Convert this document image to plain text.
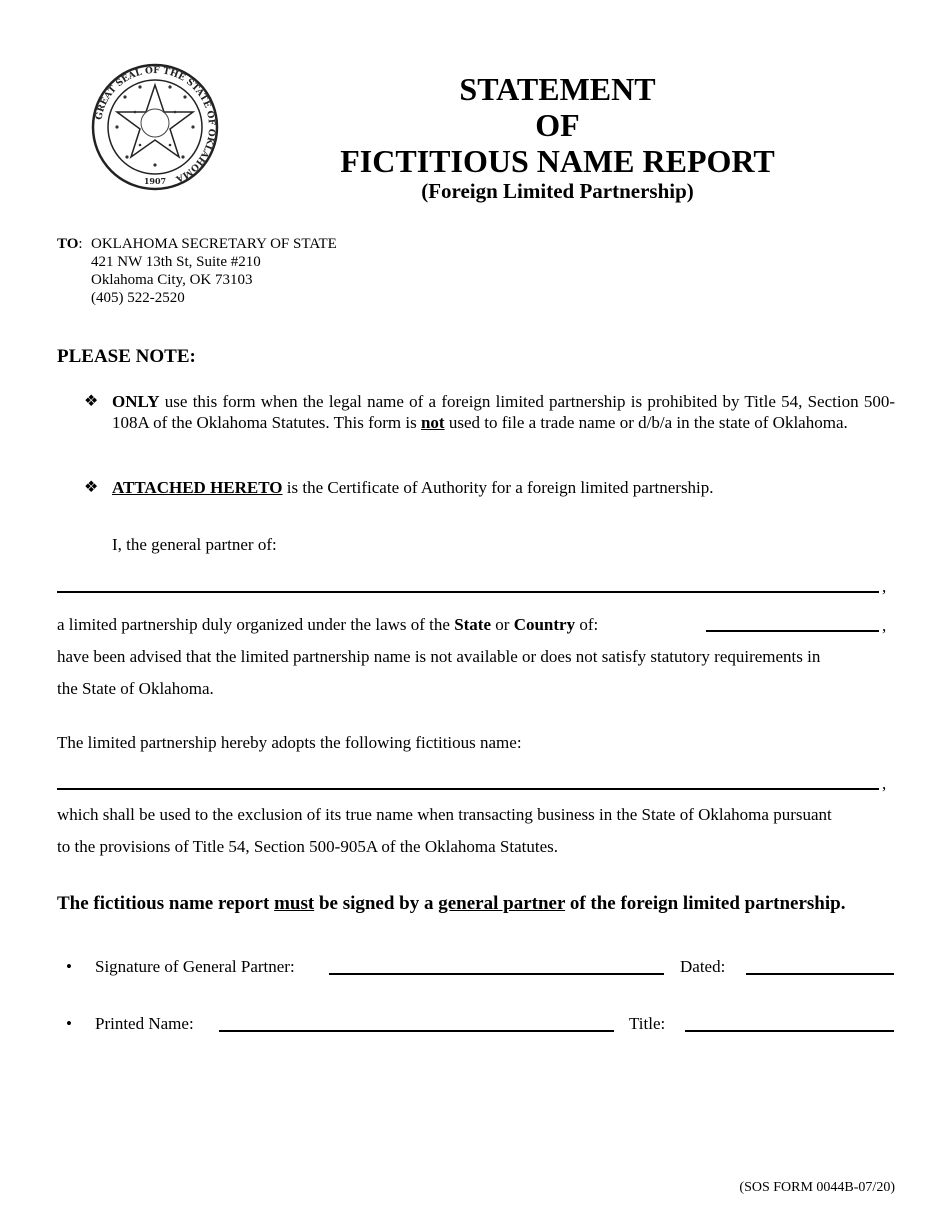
GREAT SEAL OF THE STATE OF OKLAHOMA
1907
STATEMENT
OF
FICTITIOUS NAME REPORT
(Foreign Limited Partnership)
TO: OKLAHOMA SECRETARY OF STATE
421 NW 13th St, Suite #210
Oklahoma City, OK 73103
(405) 522-2520
PLEASE NOTE:
❖ ONLY use this form when the legal name of a foreign limited partnership is prohibited by Title 54, Section 500-108A of the Oklahoma Statutes. This form is not used to file a trade name or d/b/a in the state of Oklahoma.
❖ ATTACHED HERETO is the Certificate of Authority for a foreign limited partnership.
I, the general partner of:
,
a limited partnership duly organized under the laws of the State or Country of:	,
have been advised that the limited partnership name is not available or does not satisfy statutory requirements in
the State of Oklahoma.
The limited partnership hereby adopts the following fictitious name:
,
which shall be used to the exclusion of its true name when transacting business in the State of Oklahoma pursuant
to the provisions of Title 54, Section 500-905A of the Oklahoma Statutes.
The fictitious name report must be signed by a general partner of the foreign limited partnership.
• Signature of General Partner:	Dated:
• Printed Name:	Title:
(SOS FORM 0044B-07/20)
